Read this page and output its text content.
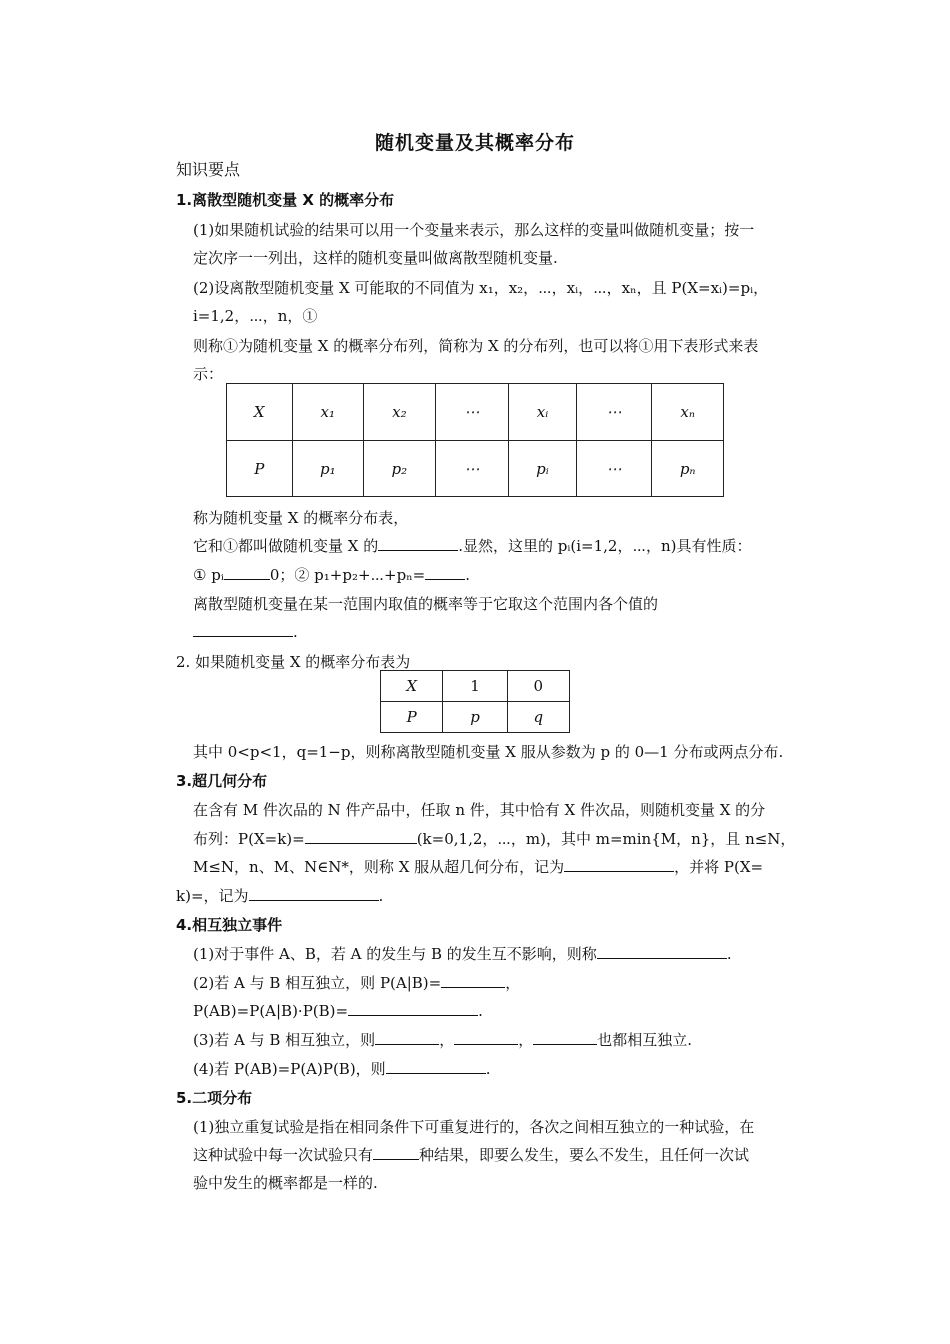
随机变量及其概率分布
知识要点
1.离散型随机变量 X 的概率分布
(1)如果随机试验的结果可以用一个变量来表示，那么这样的变量叫做随机变量；按一
定次序一一列出，这样的随机变量叫做离散型随机变量.
(2)设离散型随机变量 X 可能取的不同值为 x₁，x₂，⋯，xᵢ，⋯，xₙ，且 P(X=xᵢ)=pᵢ，
i=1,2，⋯，n，①
则称①为随机变量 X 的概率分布列，简称为 X 的分布列，也可以将①用下表形式来表
示：
X	x₁	x₂	⋯	xᵢ	⋯	xₙ
P	p₁	p₂	⋯	pᵢ	⋯	pₙ
称为随机变量 X 的概率分布表，
它和①都叫做随机变量 X 的	.显然，这里的 pᵢ(i=1,2，⋯，n)具有性质：
① pᵢ	0；② p₁+p₂+⋯+pₙ=	.
离散型随机变量在某一范围内取值的概率等于它取这个范围内各个值的
.
2. 如果随机变量 X 的概率分布表为
X	1	0
P	p	q
其中 0<p<1，q=1−p，则称离散型随机变量 X 服从参数为 p 的 0—1 分布或两点分布.
3.超几何分布
在含有 M 件次品的 N 件产品中，任取 n 件，其中恰有 X 件次品，则随机变量 X 的分
布列：P(X=k)=	(k=0,1,2，⋯，m)，其中 m=min{M，n}，且 n≤N，
M≤N，n、M、N∈N*，则称 X 服从超几何分布，记为	，并将 P(X=
k)=，记为	.
4.相互独立事件
(1)对于事件 A、B，若 A 的发生与 B 的发生互不影响，则称	.
(2)若 A 与 B 相互独立，则 P(A|B)=	，
P(AB)=P(A|B)·P(B)=	.
(3)若 A 与 B 相互独立，则	，	，	也都相互独立.
(4)若 P(AB)=P(A)P(B)，则	.
5.二项分布
(1)独立重复试验是指在相同条件下可重复进行的，各次之间相互独立的一种试验，在
这种试验中每一次试验只有	种结果，即要么发生，要么不发生，且任何一次试
验中发生的概率都是一样的.
